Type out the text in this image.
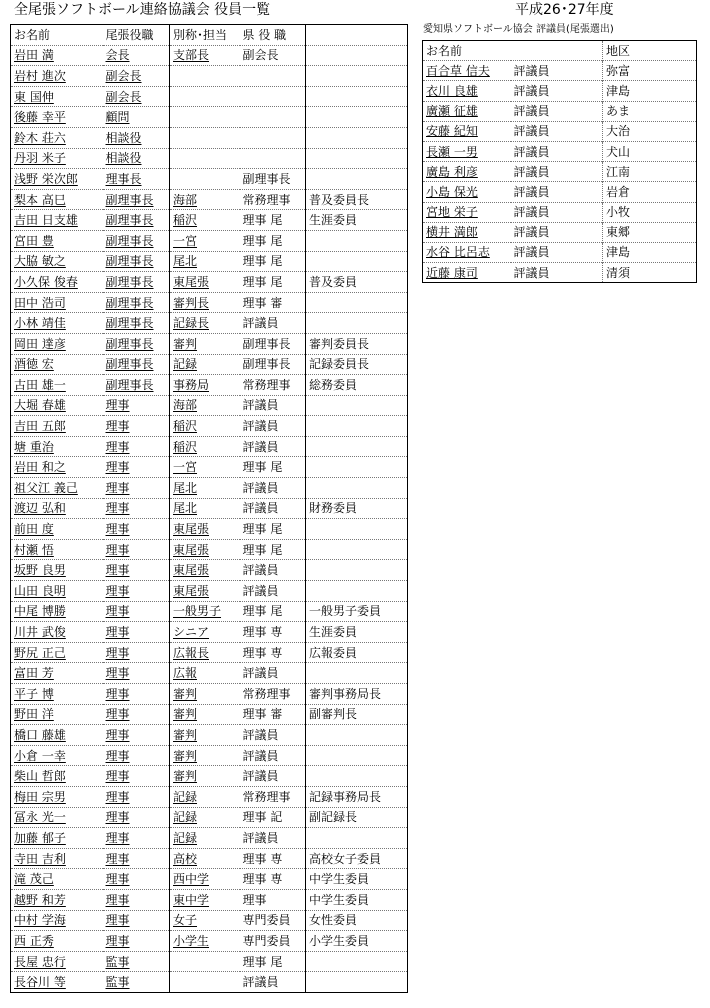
全尾張ソフトボール連絡協議会 役員一覧	平成26･27年度
愛知県ソフトボール協会 評議員(尾張選出)
お名前	尾張役職	別称･担当	県 役 職	
岩田 満	会長	支部長	副会長	
岩村 進次	副会長			
東 国伸	副会長			
後藤 幸平	顧問			
鈴木 荘六	相談役			
丹羽 米子	相談役			
浅野 栄次郎	理事長		副理事長	
梨本 高巳	副理事長	海部	常務理事	普及委員長
吉田 日支雄	副理事長	稲沢	理事 尾	生涯委員
宮田 豊	副理事長	一宮	理事 尾	
大脇 敏之	副理事長	尾北	理事 尾	
小久保 俊春	副理事長	東尾張	理事 尾	普及委員
田中 浩司	副理事長	審判長	理事 審	
小林 靖佳	副理事長	記録長	評議員	
岡田 達彦	副理事長	審判	副理事長	審判委員長
酒徳 宏	副理事長	記録	副理事長	記録委員長
古田 雄一	副理事長	事務局	常務理事	総務委員
大堀 春雄	理事	海部	評議員	
吉田 五郎	理事	稲沢	評議員	
塘 重治	理事	稲沢	評議員	
岩田 和之	理事	一宮	理事 尾	
祖父江 義己	理事	尾北	評議員	
渡辺 弘和	理事	尾北	評議員	財務委員
前田 度	理事	東尾張	理事 尾	
村瀬 悟	理事	東尾張	理事 尾	
坂野 良男	理事	東尾張	評議員	
山田 良明	理事	東尾張	評議員	
中尾 博勝	理事	一般男子	理事 尾	一般男子委員
川井 武俊	理事	シニア	理事 専	生涯委員
野尻 正己	理事	広報長	理事 専	広報委員
富田 芳	理事	広報	評議員	
平子 博	理事	審判	常務理事	審判事務局長
野田 洋	理事	審判	理事 審	副審判長
橋口 藤雄	理事	審判	評議員	
小倉 一幸	理事	審判	評議員	
柴山 哲郎	理事	審判	評議員	
梅田 宗男	理事	記録	常務理事	記録事務局長
冨永 光一	理事	記録	理事 記	副記録長
加藤 郁子	理事	記録	評議員	
寺田 吉利	理事	高校	理事 専	高校女子委員
滝 茂己	理事	西中学	理事 専	中学生委員
越野 和芳	理事	東中学	理事	中学生委員
中村 学海	理事	女子	専門委員	女性委員
西 正秀	理事	小学生	専門委員	小学生委員
長屋 忠行	監事		理事 尾	
長谷川 等	監事		評議員	
お名前		地区
百合草 信夫	評議員	弥富
衣川 良雄	評議員	津島
廣瀬 征雄	評議員	あま
安藤 紀知	評議員	大治
長瀬 一男	評議員	犬山
廣島 利彦	評議員	江南
小島 保光	評議員	岩倉
宮地 栄子	評議員	小牧
横井 満郎	評議員	東郷
水谷 比呂志	評議員	津島
近藤 康司	評議員	清須
